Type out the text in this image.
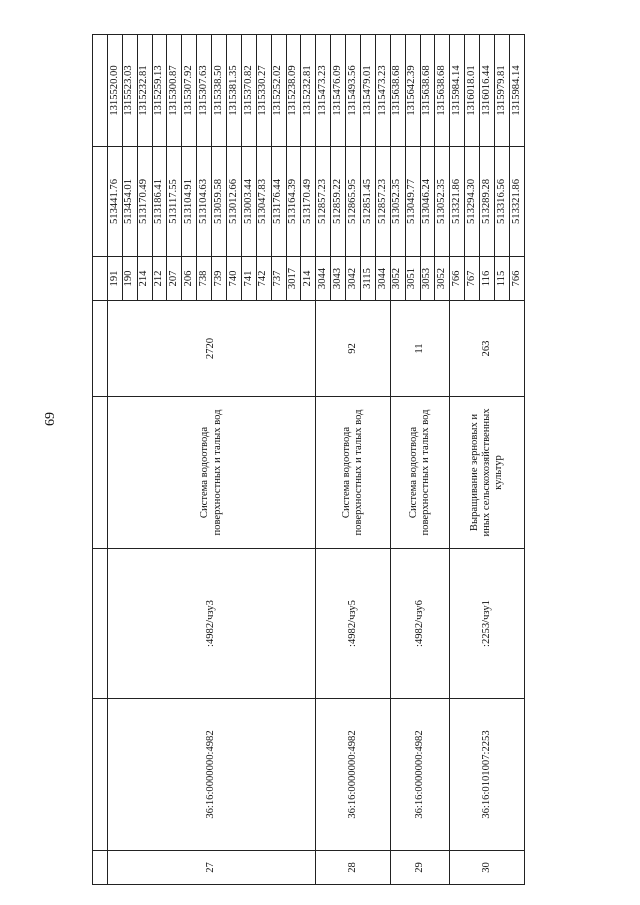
69

27	36:16:0000000:4982	:4982/чзу3	Система водоотвода поверхностных и талых вод	2720	191	513441.76	1315520.00
					190	513454.01	1315523.03
					214	513170.49	1315232.81
					212	513186.41	1315259.13
					207	513117.55	1315300.87
					206	513104.91	1315307.92
					738	513104.63	1315307.63
					739	513059.58	1315338.50
					740	513012.66	1315381.35
					741	513003.44	1315370.82
					742	513047.83	1315330.27
					737	513176.44	1315252.02
					3017	513164.39	1315238.09
					214	513170.49	1315232.81
28	36:16:0000000:4982	:4982/чзу5	Система водоотвода поверхностных и талых вод	92	3044	512857.23	1315473.23
					3043	512859.22	1315476.09
					3042	512865.95	1315493.56
					3115	512851.45	1315479.01
					3044	512857.23	1315473.23
29	36:16:0000000:4982	:4982/чзу6	Система водоотвода поверхностных и талых вод	11	3052	513052.35	1315638.68
					3051	513049.77	1315642.39
					3053	513046.24	1315638.68
					3052	513052.35	1315638.68
30	36:16:0101007:2253	:2253/чзу1	Выращивание зерновых и иных сельскохозяйственных культур	263	766	513321.86	1315984.14
					767	513294.30	1316018.01
					116	513289.28	1316016.44
					115	513316.56	1315979.81
					766	513321.86	1315984.14
